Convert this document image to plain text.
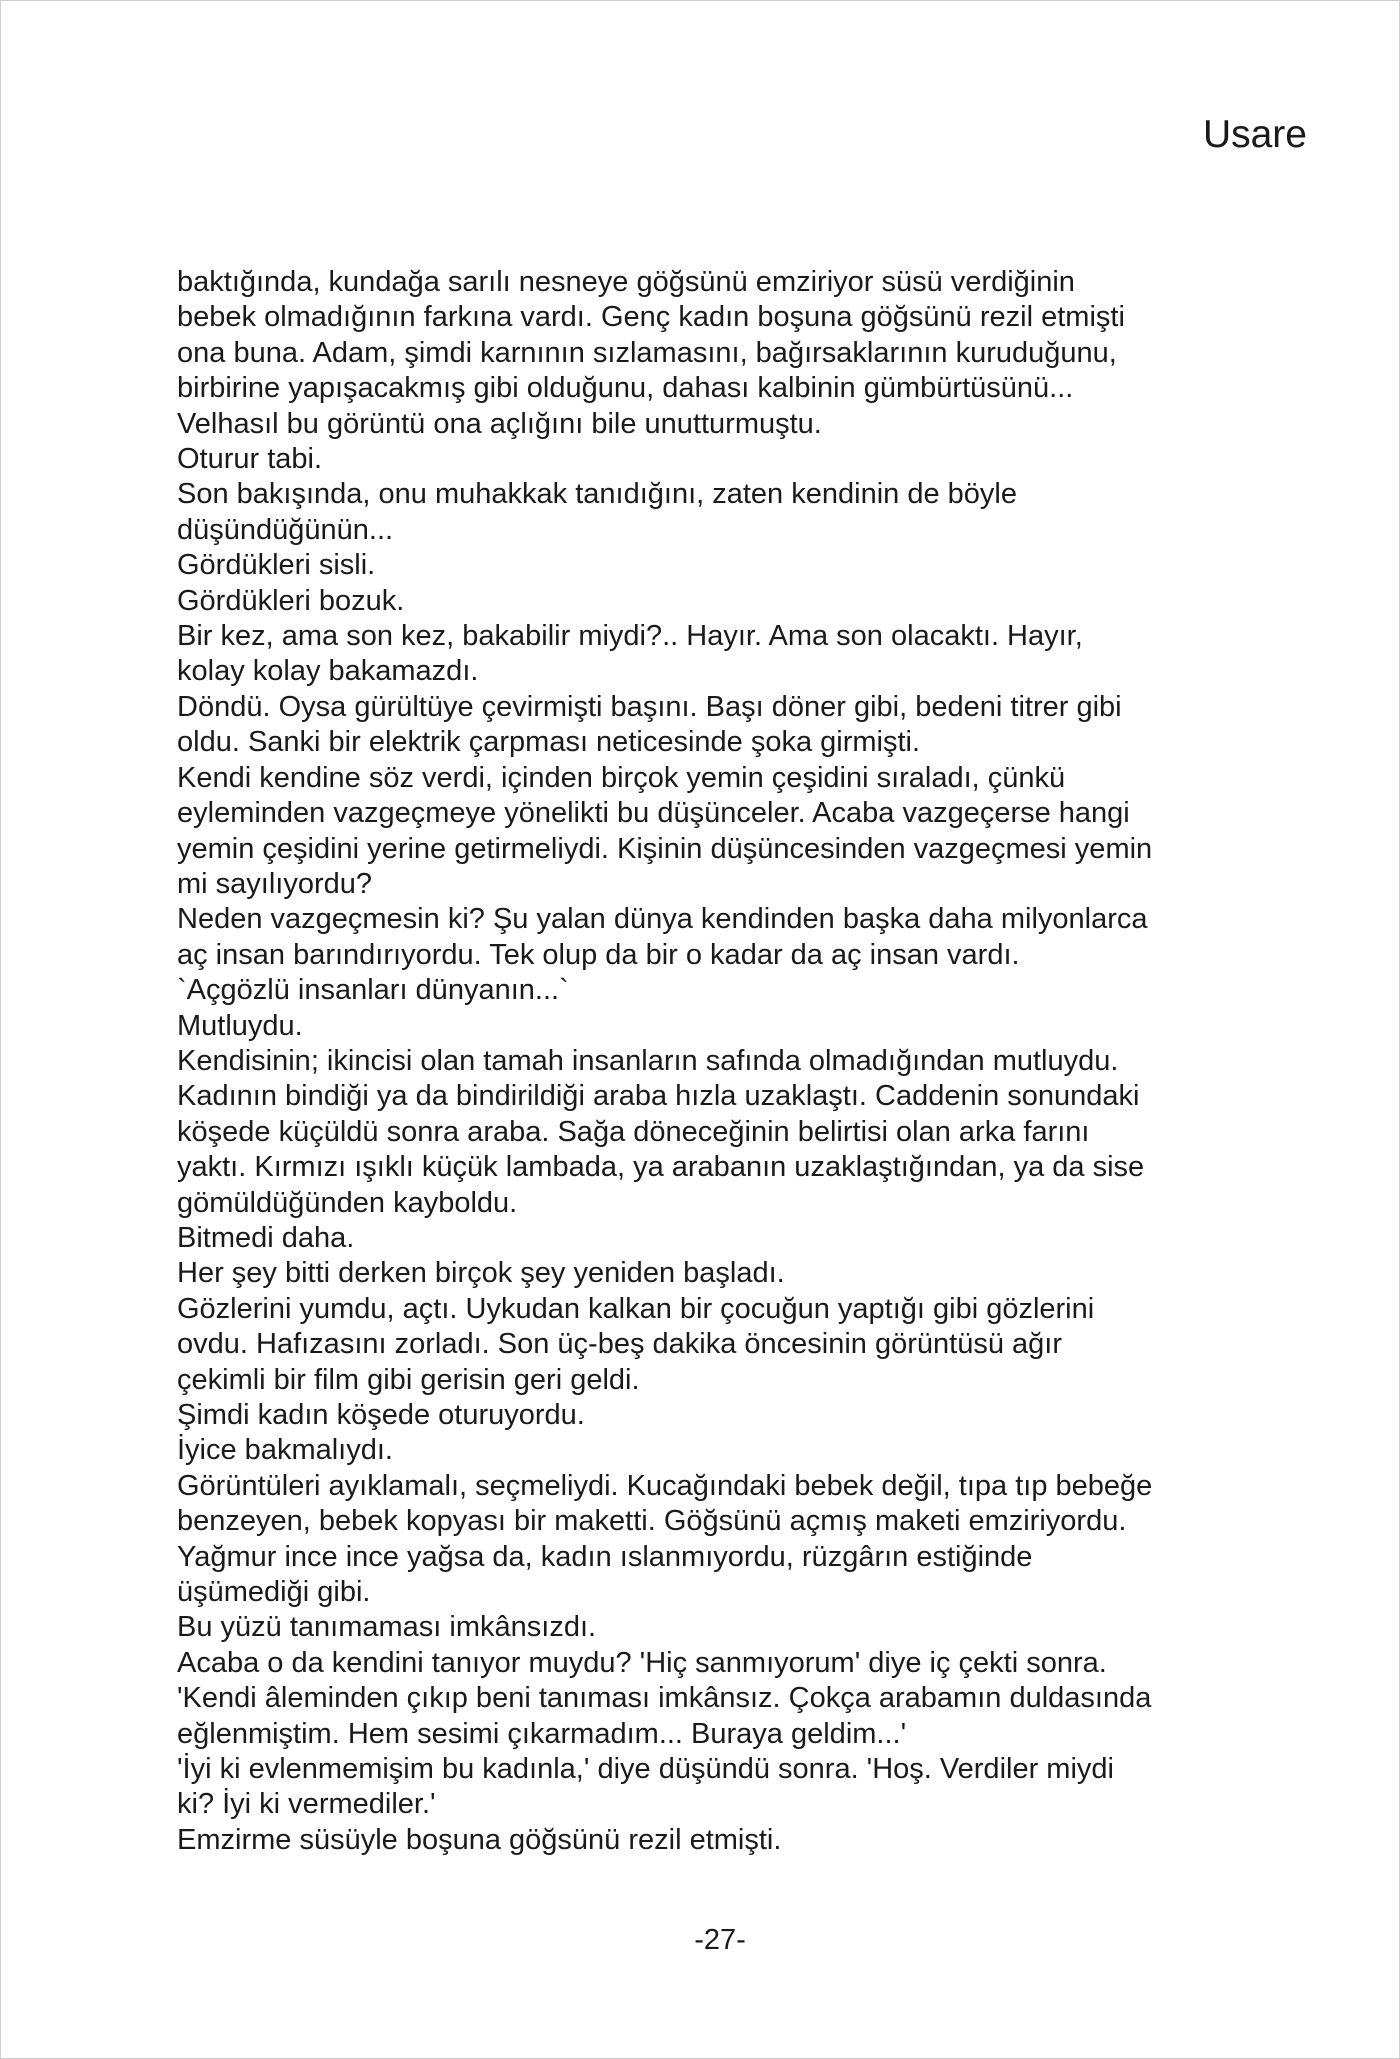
Usare
baktığında, kundağa sarılı nesneye göğsünü emziriyor süsü verdiğinin
bebek olmadığının farkına vardı. Genç kadın boşuna göğsünü rezil etmişti
ona buna. Adam, şimdi karnının sızlamasını, bağırsaklarının kuruduğunu,
birbirine yapışacakmış gibi olduğunu, dahası kalbinin gümbürtüsünü...
Velhasıl bu görüntü ona açlığını bile unutturmuştu.
Oturur tabi.
Son bakışında, onu muhakkak tanıdığını, zaten kendinin de böyle
düşündüğünün...
Gördükleri sisli.
Gördükleri bozuk.
Bir kez, ama son kez, bakabilir miydi?.. Hayır. Ama son olacaktı. Hayır,
kolay kolay bakamazdı.
Döndü. Oysa gürültüye çevirmişti başını. Başı döner gibi, bedeni titrer gibi
oldu. Sanki bir elektrik çarpması neticesinde şoka girmişti.
Kendi kendine söz verdi, içinden birçok yemin çeşidini sıraladı, çünkü
eyleminden vazgeçmeye yönelikti bu düşünceler. Acaba vazgeçerse hangi
yemin çeşidini yerine getirmeliydi. Kişinin düşüncesinden vazgeçmesi yemin
mi sayılıyordu?
Neden vazgeçmesin ki? Şu yalan dünya kendinden başka daha milyonlarca
aç insan barındırıyordu. Tek olup da bir o kadar da aç insan vardı.
`Açgözlü insanları dünyanın...`
Mutluydu.
Kendisinin; ikincisi olan tamah insanların safında olmadığından mutluydu.
Kadının bindiği ya da bindirildiği araba hızla uzaklaştı. Caddenin sonundaki
köşede küçüldü sonra araba. Sağa döneceğinin belirtisi olan arka farını
yaktı. Kırmızı ışıklı küçük lambada, ya arabanın uzaklaştığından, ya da sise
gömüldüğünden kayboldu.
Bitmedi daha.
Her şey bitti derken birçok şey yeniden başladı.
Gözlerini yumdu, açtı. Uykudan kalkan bir çocuğun yaptığı gibi gözlerini
ovdu. Hafızasını zorladı. Son üç-beş dakika öncesinin görüntüsü ağır
çekimli bir film gibi gerisin geri geldi.
Şimdi kadın köşede oturuyordu.
İyice bakmalıydı.
Görüntüleri ayıklamalı, seçmeliydi. Kucağındaki bebek değil, tıpa tıp bebeğe
benzeyen, bebek kopyası bir maketti. Göğsünü açmış maketi emziriyordu.
Yağmur ince ince yağsa da, kadın ıslanmıyordu, rüzgârın estiğinde
üşümediği gibi.
Bu yüzü tanımaması imkânsızdı.
Acaba o da kendini tanıyor muydu? 'Hiç sanmıyorum' diye iç çekti sonra.
'Kendi âleminden çıkıp beni tanıması imkânsız. Çokça arabamın duldasında
eğlenmiştim. Hem sesimi çıkarmadım... Buraya geldim...'
'İyi ki evlenmemişim bu kadınla,' diye düşündü sonra. 'Hoş. Verdiler miydi
ki? İyi ki vermediler.'
Emzirme süsüyle boşuna göğsünü rezil etmişti.
-27-
